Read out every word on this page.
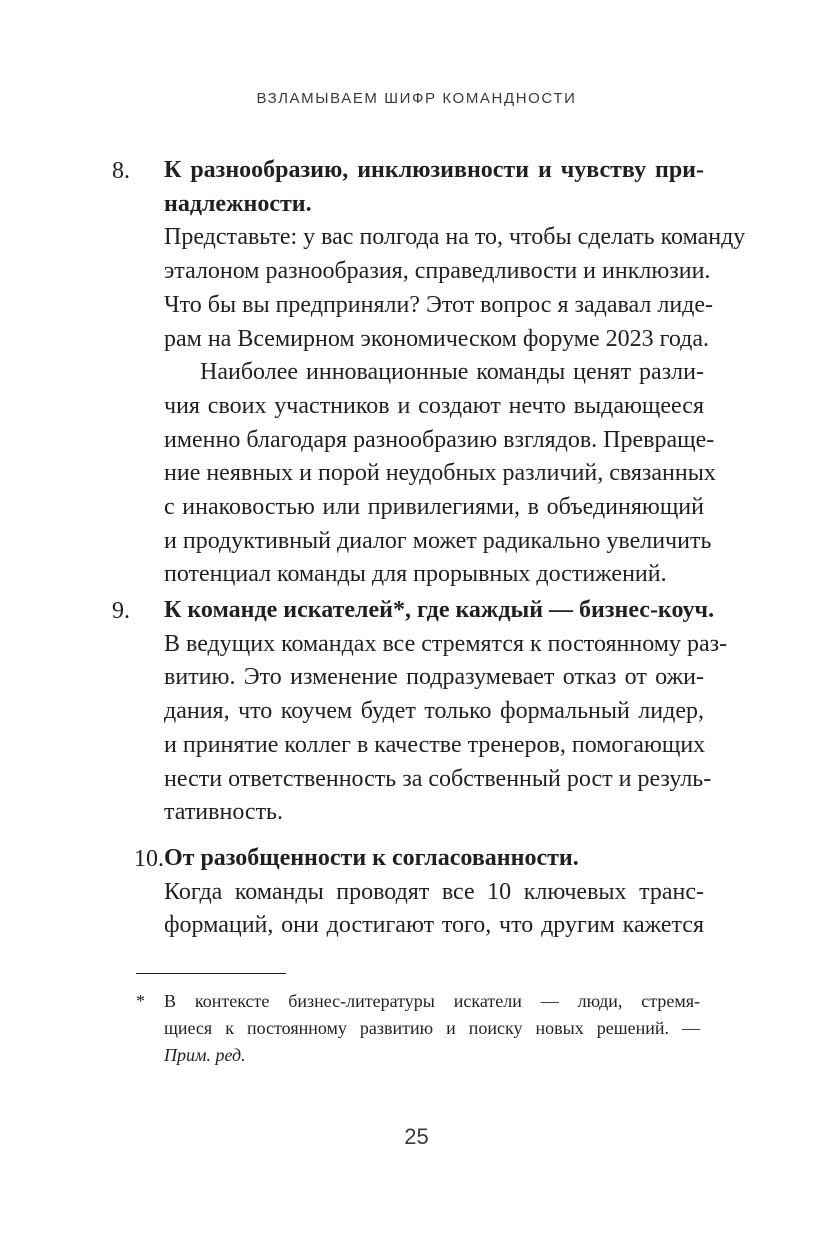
ВЗЛАМЫВАЕМ ШИФР КОМАНДНОСТИ
8. К разнообразию, инклюзивности и чувству при-
надлежности.
Представьте: у вас полгода на то, чтобы сделать команду
эталоном разнообразия, справедливости и инклюзии.
Что бы вы предприняли? Этот вопрос я задавал лиде-
рам на Всемирном экономическом форуме 2023 года.
Наиболее инновационные команды ценят разли-
чия своих участников и создают нечто выдающееся
именно благодаря разнообразию взглядов. Превраще-
ние неявных и порой неудобных различий, связанных
с инаковостью или привилегиями, в объединяющий
и продуктивный диалог может радикально увеличить
потенциал команды для прорывных достижений.
9. К команде искателей*, где каждый — бизнес-коуч.
В ведущих командах все стремятся к постоянному раз-
витию. Это изменение подразумевает отказ от ожи-
дания, что коучем будет только формальный лидер,
и принятие коллег в качестве тренеров, помогающих
нести ответственность за собственный рост и резуль-
тативность.
10. От разобщенности к согласованности.
Когда команды проводят все 10 ключевых транс-
формаций, они достигают того, что другим кажется
* В контексте бизнес-литературы искатели — люди, стремя-
щиеся к постоянному развитию и поиску новых решений. —
Прим. ред.
25
